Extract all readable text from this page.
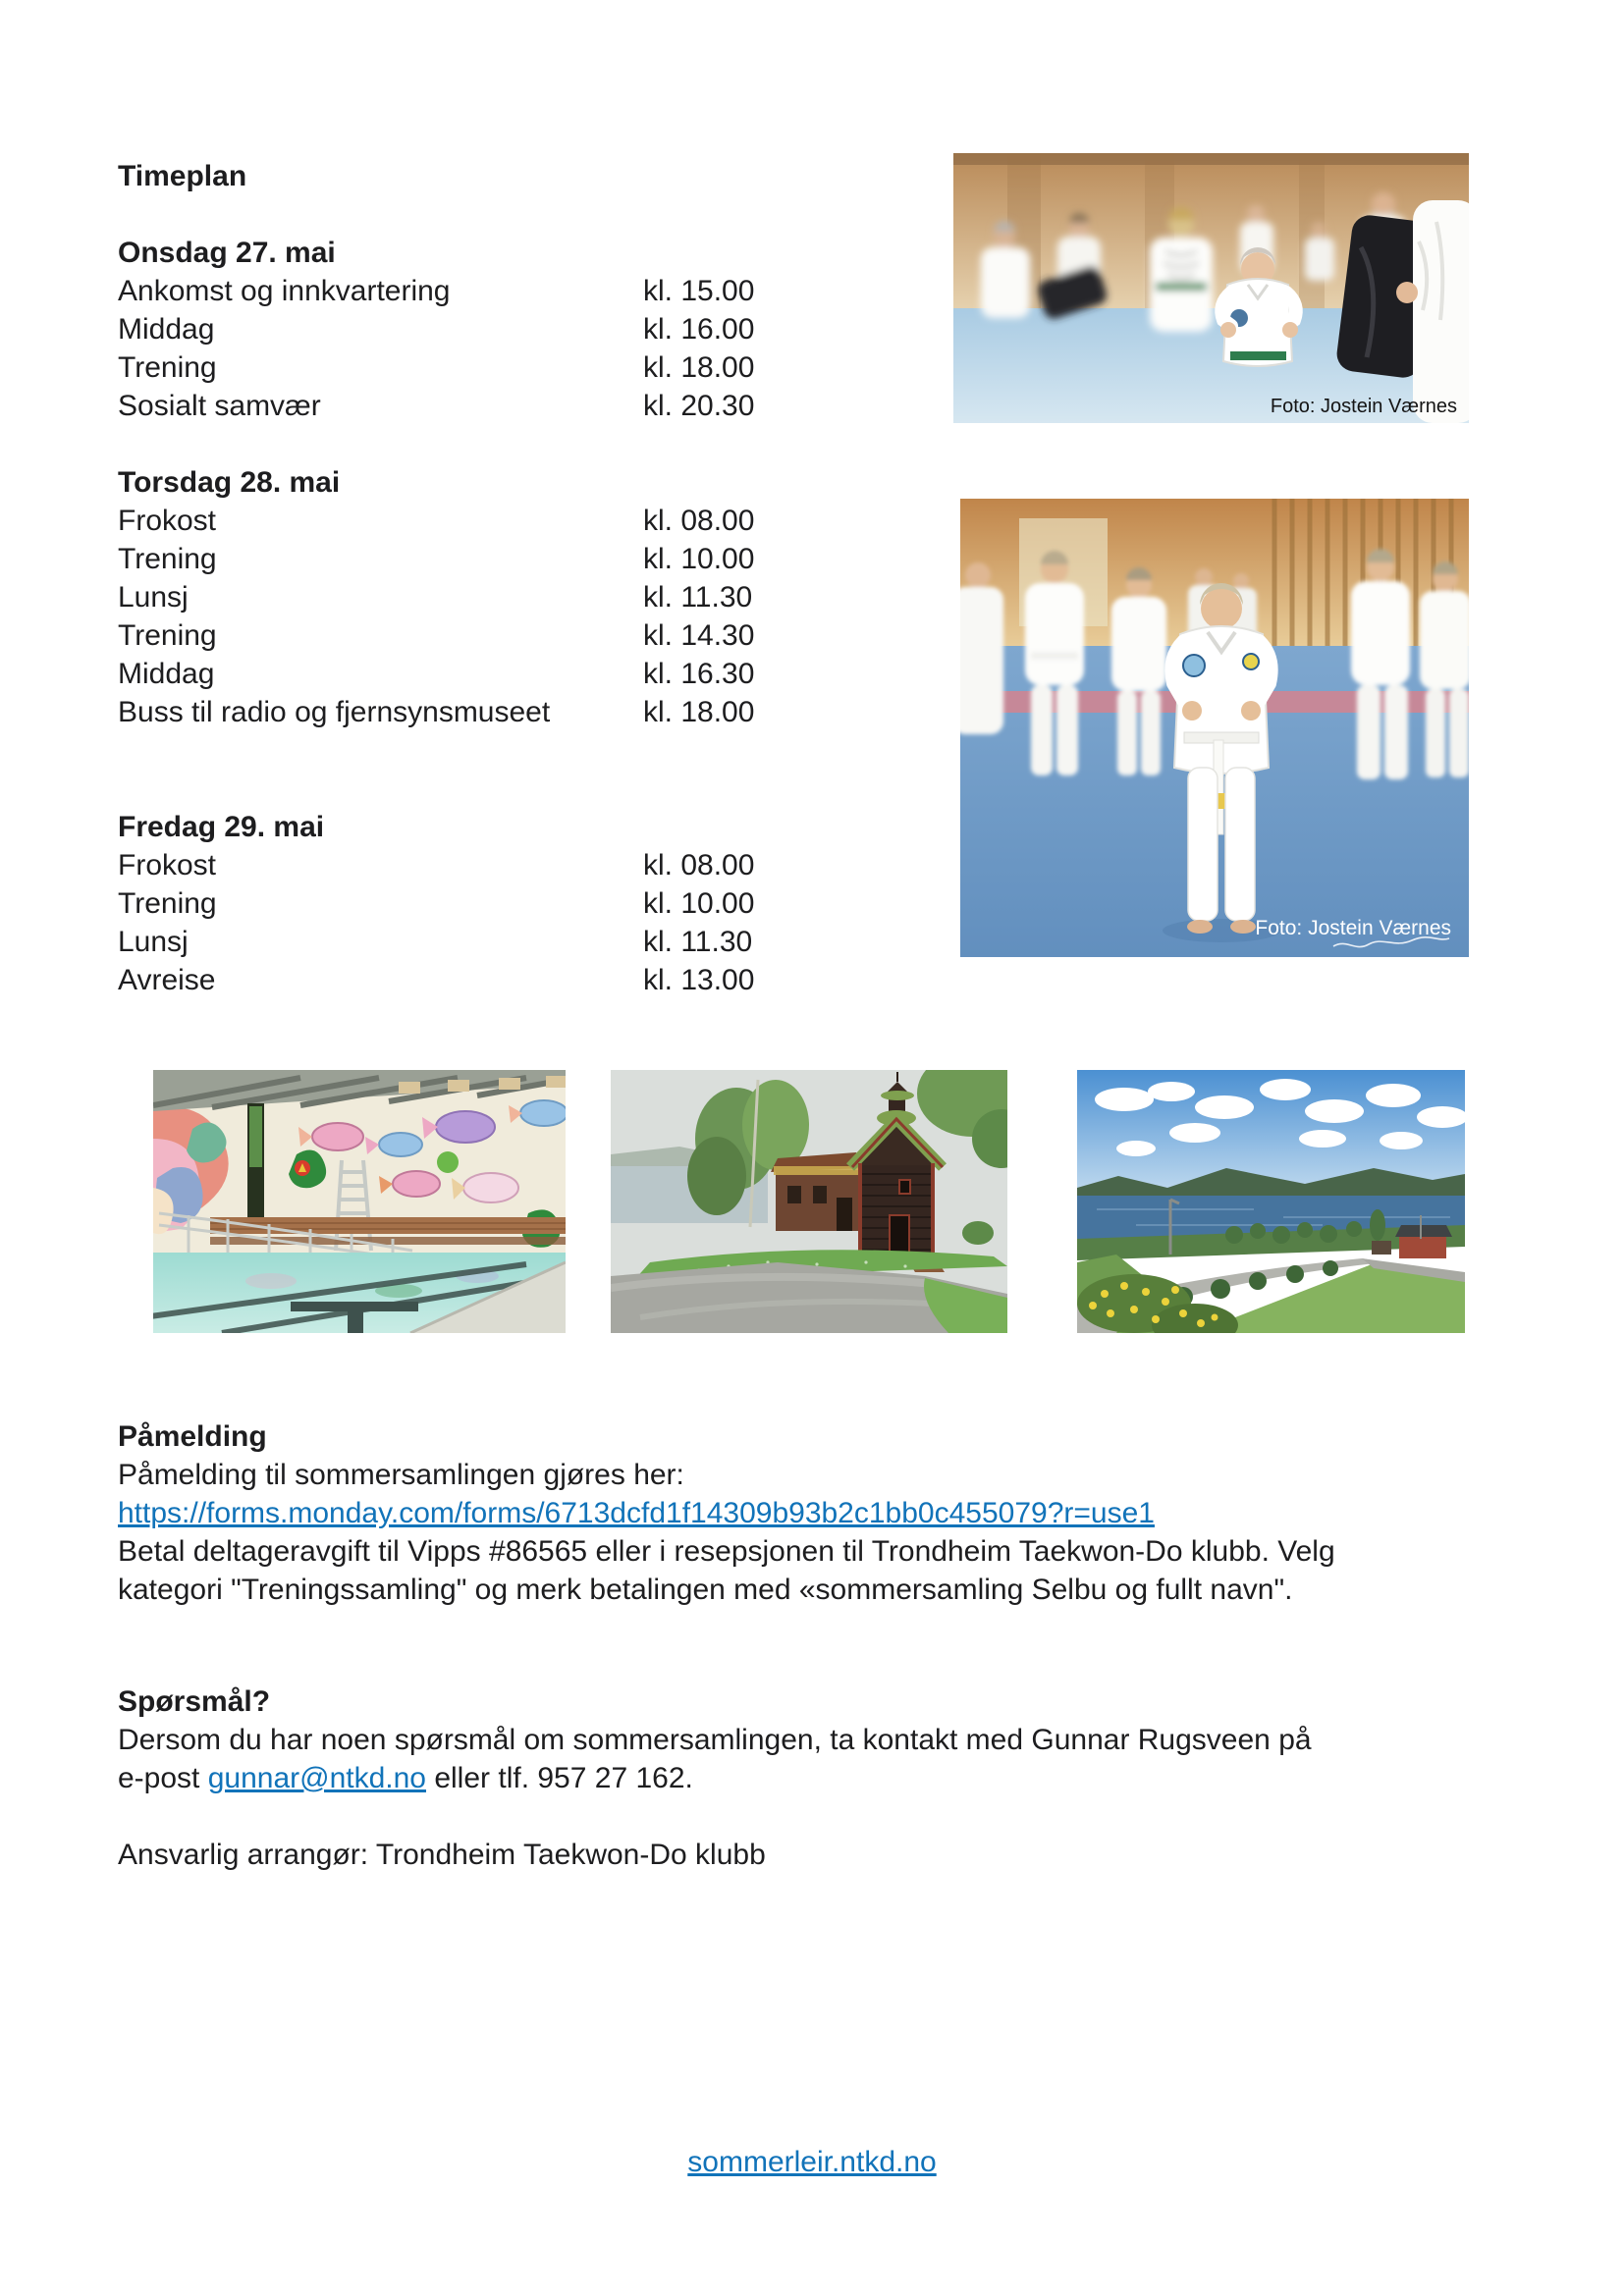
Timeplan
Onsdag 27. mai
Ankomst og innkvartering	kl. 15.00
Middag	kl. 16.00
Trening	kl. 18.00
Sosialt samvær	kl. 20.30
Torsdag 28. mai
Frokost	kl. 08.00
Trening	kl. 10.00
Lunsj	kl. 11.30
Trening	kl. 14.30
Middag	kl. 16.30
Buss til radio og fjernsynsmuseet	kl. 18.00
Fredag 29. mai
Frokost	kl. 08.00
Trening	kl. 10.00
Lunsj	kl. 11.30
Avreise	kl. 13.00
Foto: Jostein Værnes
Foto: Jostein Værnes
Påmelding
Påmelding til sommersamlingen gjøres her:
https://forms.monday.com/forms/6713dcfd1f14309b93b2c1bb0c455079?r=use1
Betal deltageravgift til Vipps #86565 eller i resepsjonen til Trondheim Taekwon-Do klubb. Velg
kategori "Treningssamling" og merk betalingen med «sommersamling Selbu og fullt navn".
Spørsmål?
Dersom du har noen spørsmål om sommersamlingen, ta kontakt med Gunnar Rugsveen på
e-post gunnar@ntkd.no eller tlf. 957 27 162.
Ansvarlig arrangør: Trondheim Taekwon-Do klubb
sommerleir.ntkd.no
